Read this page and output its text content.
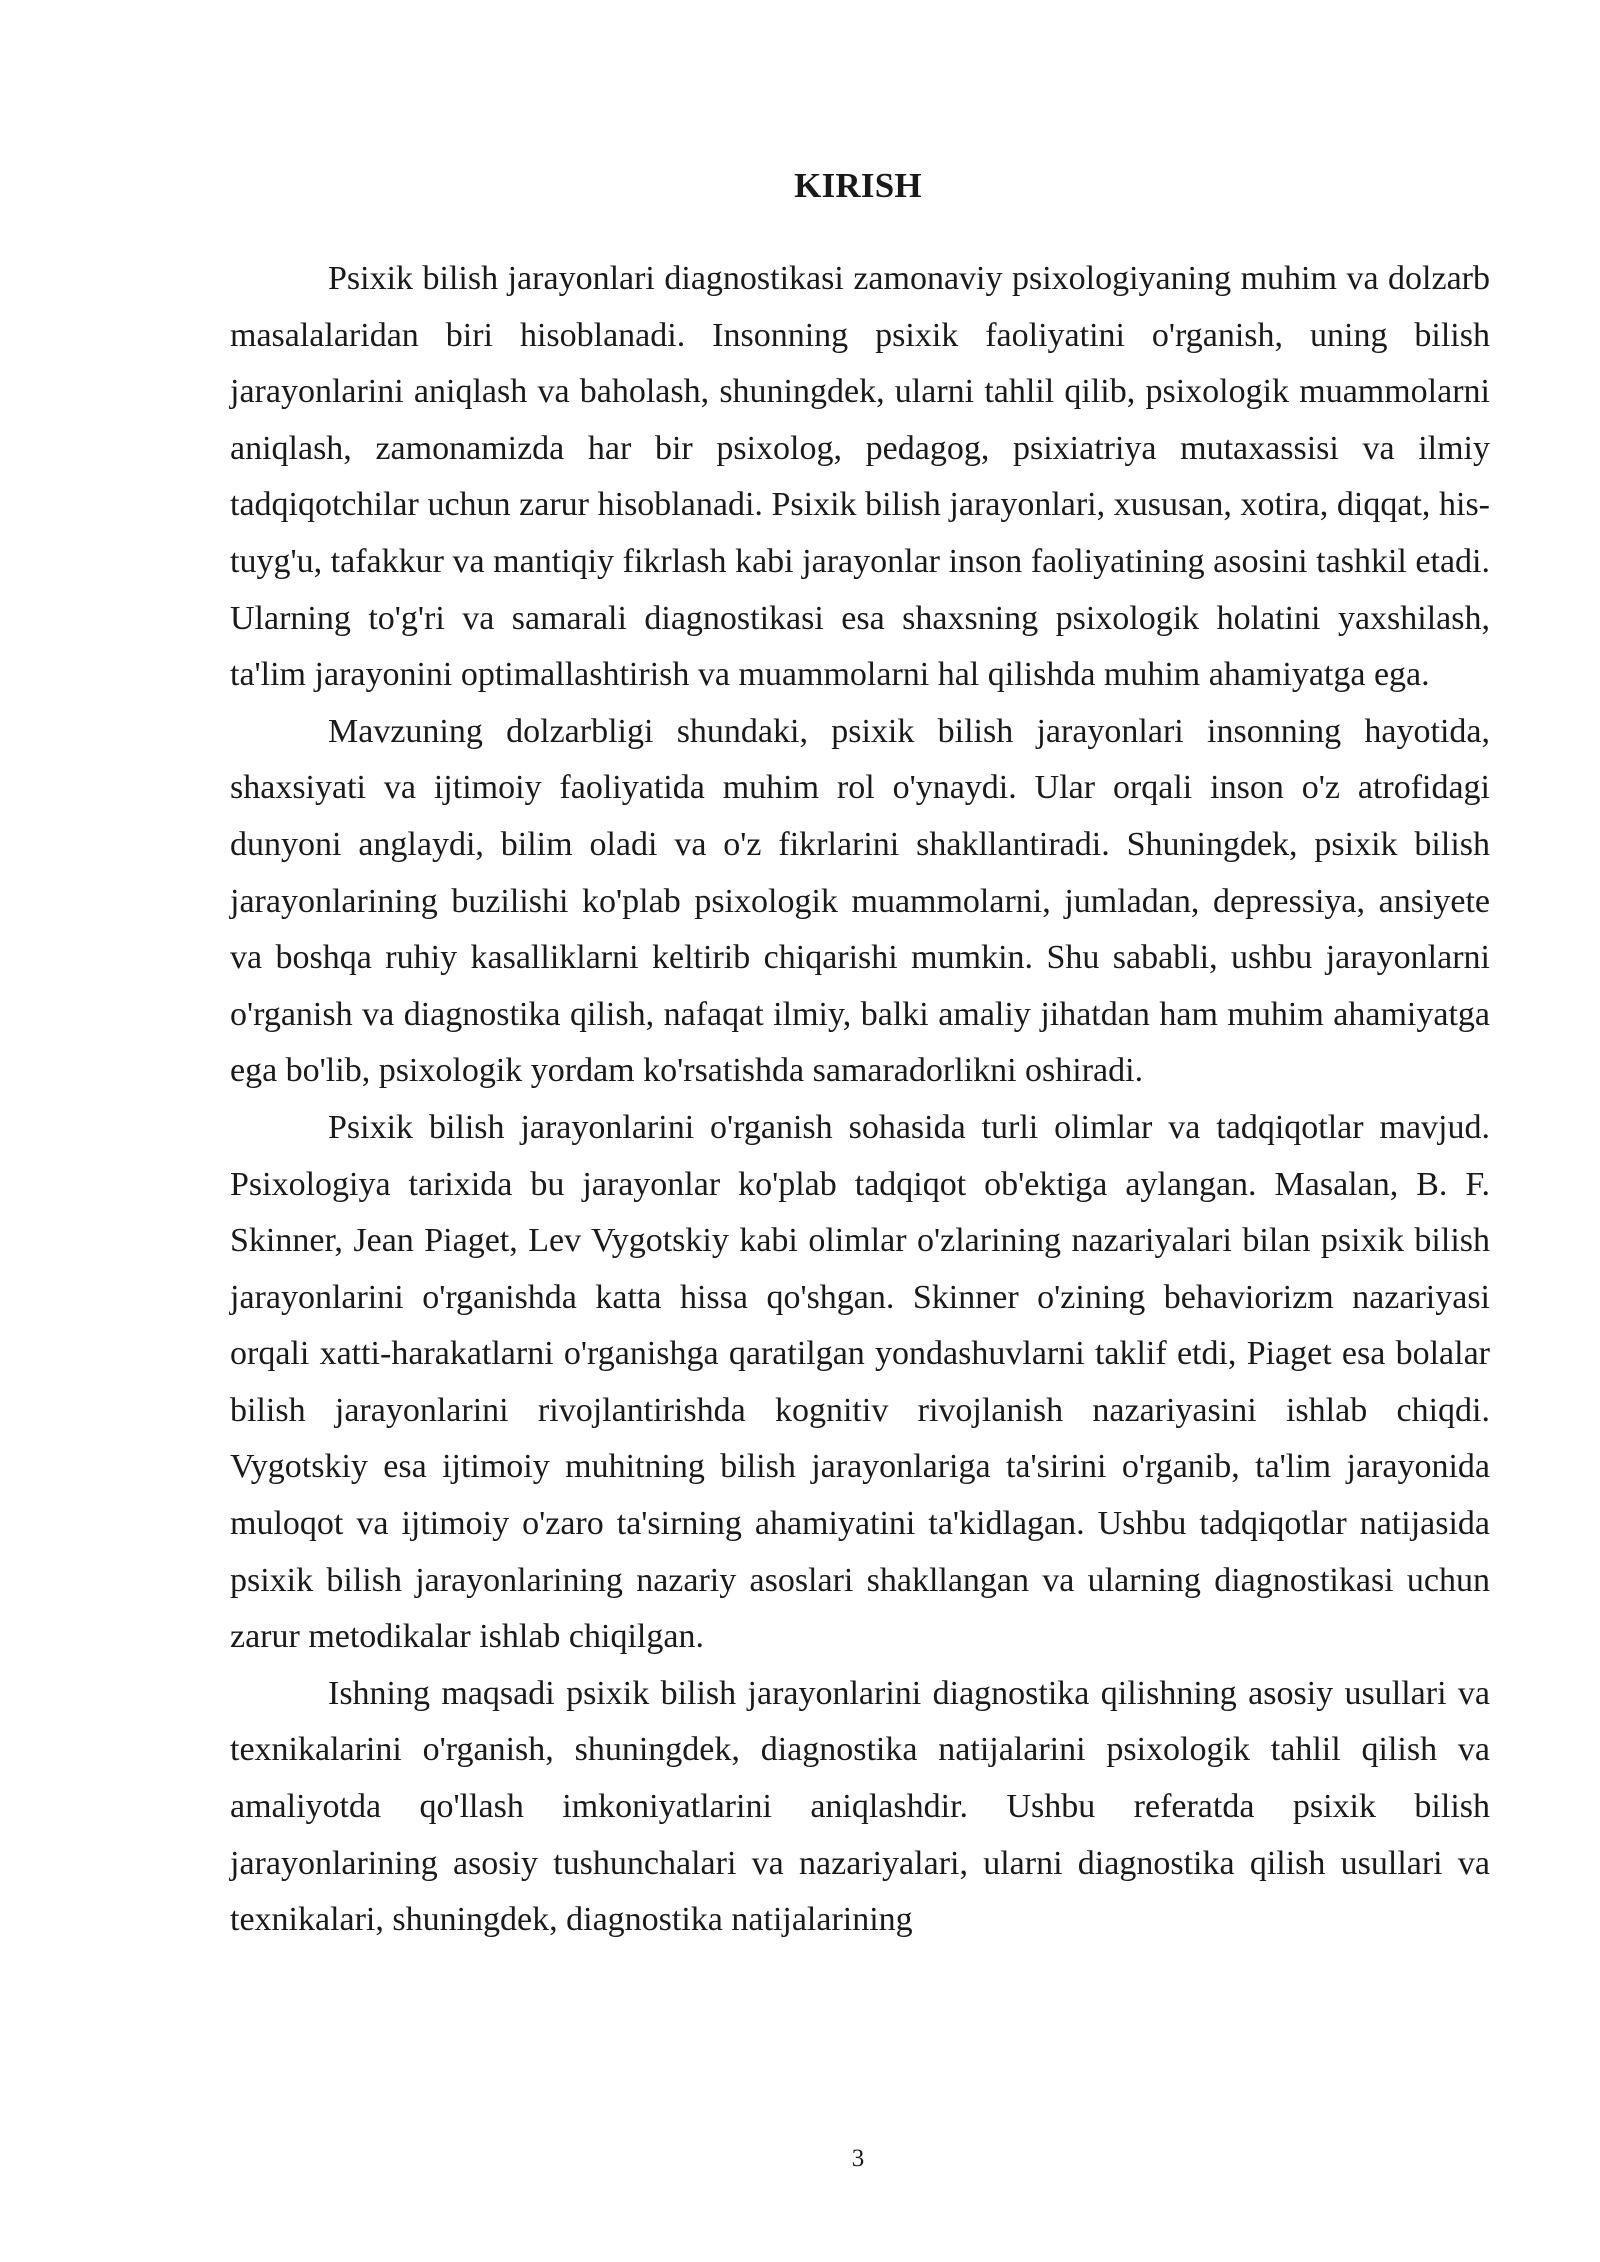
KIRISH

Psixik bilish jarayonlari diagnostikasi zamonaviy psixologiyaning muhim va dolzarb masalalaridan biri hisoblanadi. Insonning psixik faoliyatini o'rganish, uning bilish jarayonlarini aniqlash va baholash, shuningdek, ularni tahlil qilib, psixologik muammolarni aniqlash, zamonamizda har bir psixolog, pedagog, psixiatriya mutaxassisi va ilmiy tadqiqotchilar uchun zarur hisoblanadi. Psixik bilish jarayonlari, xususan, xotira, diqqat, his-tuyg'u, tafakkur va mantiqiy fikrlash kabi jarayonlar inson faoliyatining asosini tashkil etadi. Ularning to'g'ri va samarali diagnostikasi esa shaxsning psixologik holatini yaxshilash, ta'lim jarayonini optimallashtirish va muammolarni hal qilishda muhim ahamiyatga ega.

Mavzuning dolzarbligi shundaki, psixik bilish jarayonlari insonning hayotida, shaxsiyati va ijtimoiy faoliyatida muhim rol o'ynaydi. Ular orqali inson o'z atrofidagi dunyoni anglaydi, bilim oladi va o'z fikrlarini shakllantiradi. Shuningdek, psixik bilish jarayonlarining buzilishi ko'plab psixologik muammolarni, jumladan, depressiya, ansiyete va boshqa ruhiy kasalliklarni keltirib chiqarishi mumkin. Shu sababli, ushbu jarayonlarni o'rganish va diagnostika qilish, nafaqat ilmiy, balki amaliy jihatdan ham muhim ahamiyatga ega bo'lib, psixologik yordam ko'rsatishda samaradorlikni oshiradi.

Psixik bilish jarayonlarini o'rganish sohasida turli olimlar va tadqiqotlar mavjud. Psixologiya tarixida bu jarayonlar ko'plab tadqiqot ob'ektiga aylangan. Masalan, B. F. Skinner, Jean Piaget, Lev Vygotskiy kabi olimlar o'zlarining nazariyalari bilan psixik bilish jarayonlarini o'rganishda katta hissa qo'shgan. Skinner o'zining behaviorizm nazariyasi orqali xatti-harakatlarni o'rganishga qaratilgan yondashuvlarni taklif etdi, Piaget esa bolalar bilish jarayonlarini rivojlantirishda kognitiv rivojlanish nazariyasini ishlab chiqdi. Vygotskiy esa ijtimoiy muhitning bilish jarayonlariga ta'sirini o'rganib, ta'lim jarayonida muloqot va ijtimoiy o'zaro ta'sirning ahamiyatini ta'kidlagan. Ushbu tadqiqotlar natijasida psixik bilish jarayonlarining nazariy asoslari shakllangan va ularning diagnostikasi uchun zarur metodikalar ishlab chiqilgan.

Ishning maqsadi psixik bilish jarayonlarini diagnostika qilishning asosiy usullari va texnikalarini o'rganish, shuningdek, diagnostika natijalarini psixologik tahlil qilish va amaliyotda qo'llash imkoniyatlarini aniqlashdir. Ushbu referatda psixik bilish jarayonlarining asosiy tushunchalari va nazariyalari, ularni diagnostika qilish usullari va texnikalari, shuningdek, diagnostika natijalarining

3
